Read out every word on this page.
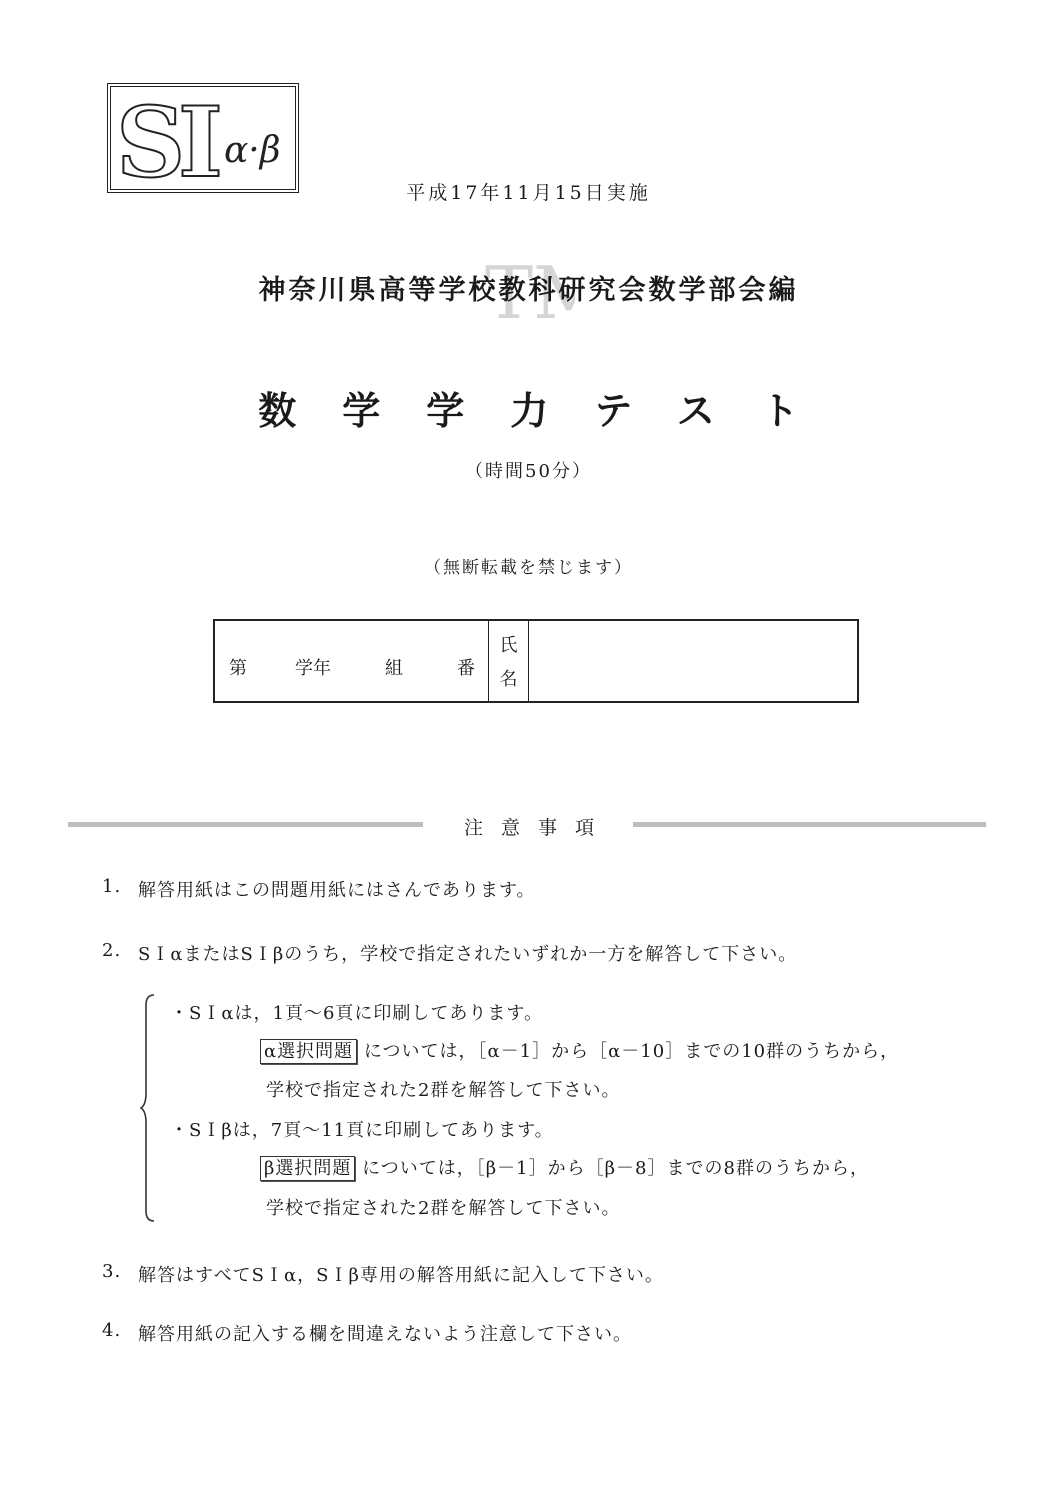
S
I α·β
平成17年11月15日実施
TM
神奈川県高等学校教科研究会数学部会編
数学学力テスト
（時間50分）
（無断転載を禁じます）
第	学年	組	番
氏
名
注意事項
1. 解答用紙はこの問題用紙にはさんであります。
2. SＩαまたはSＩβのうち，学校で指定されたいずれか一方を解答して下さい。
・SＩαは，1頁～6頁に印刷してあります。
α選択問題 については，［α－1］から［α－10］までの10群のうちから，
学校で指定された2群を解答して下さい。
・SＩβは，7頁～11頁に印刷してあります。
β選択問題 については，［β－1］から［β－8］までの8群のうちから，
学校で指定された2群を解答して下さい。
3. 解答はすべてSＩα，SＩβ専用の解答用紙に記入して下さい。
4. 解答用紙の記入する欄を間違えないよう注意して下さい。
